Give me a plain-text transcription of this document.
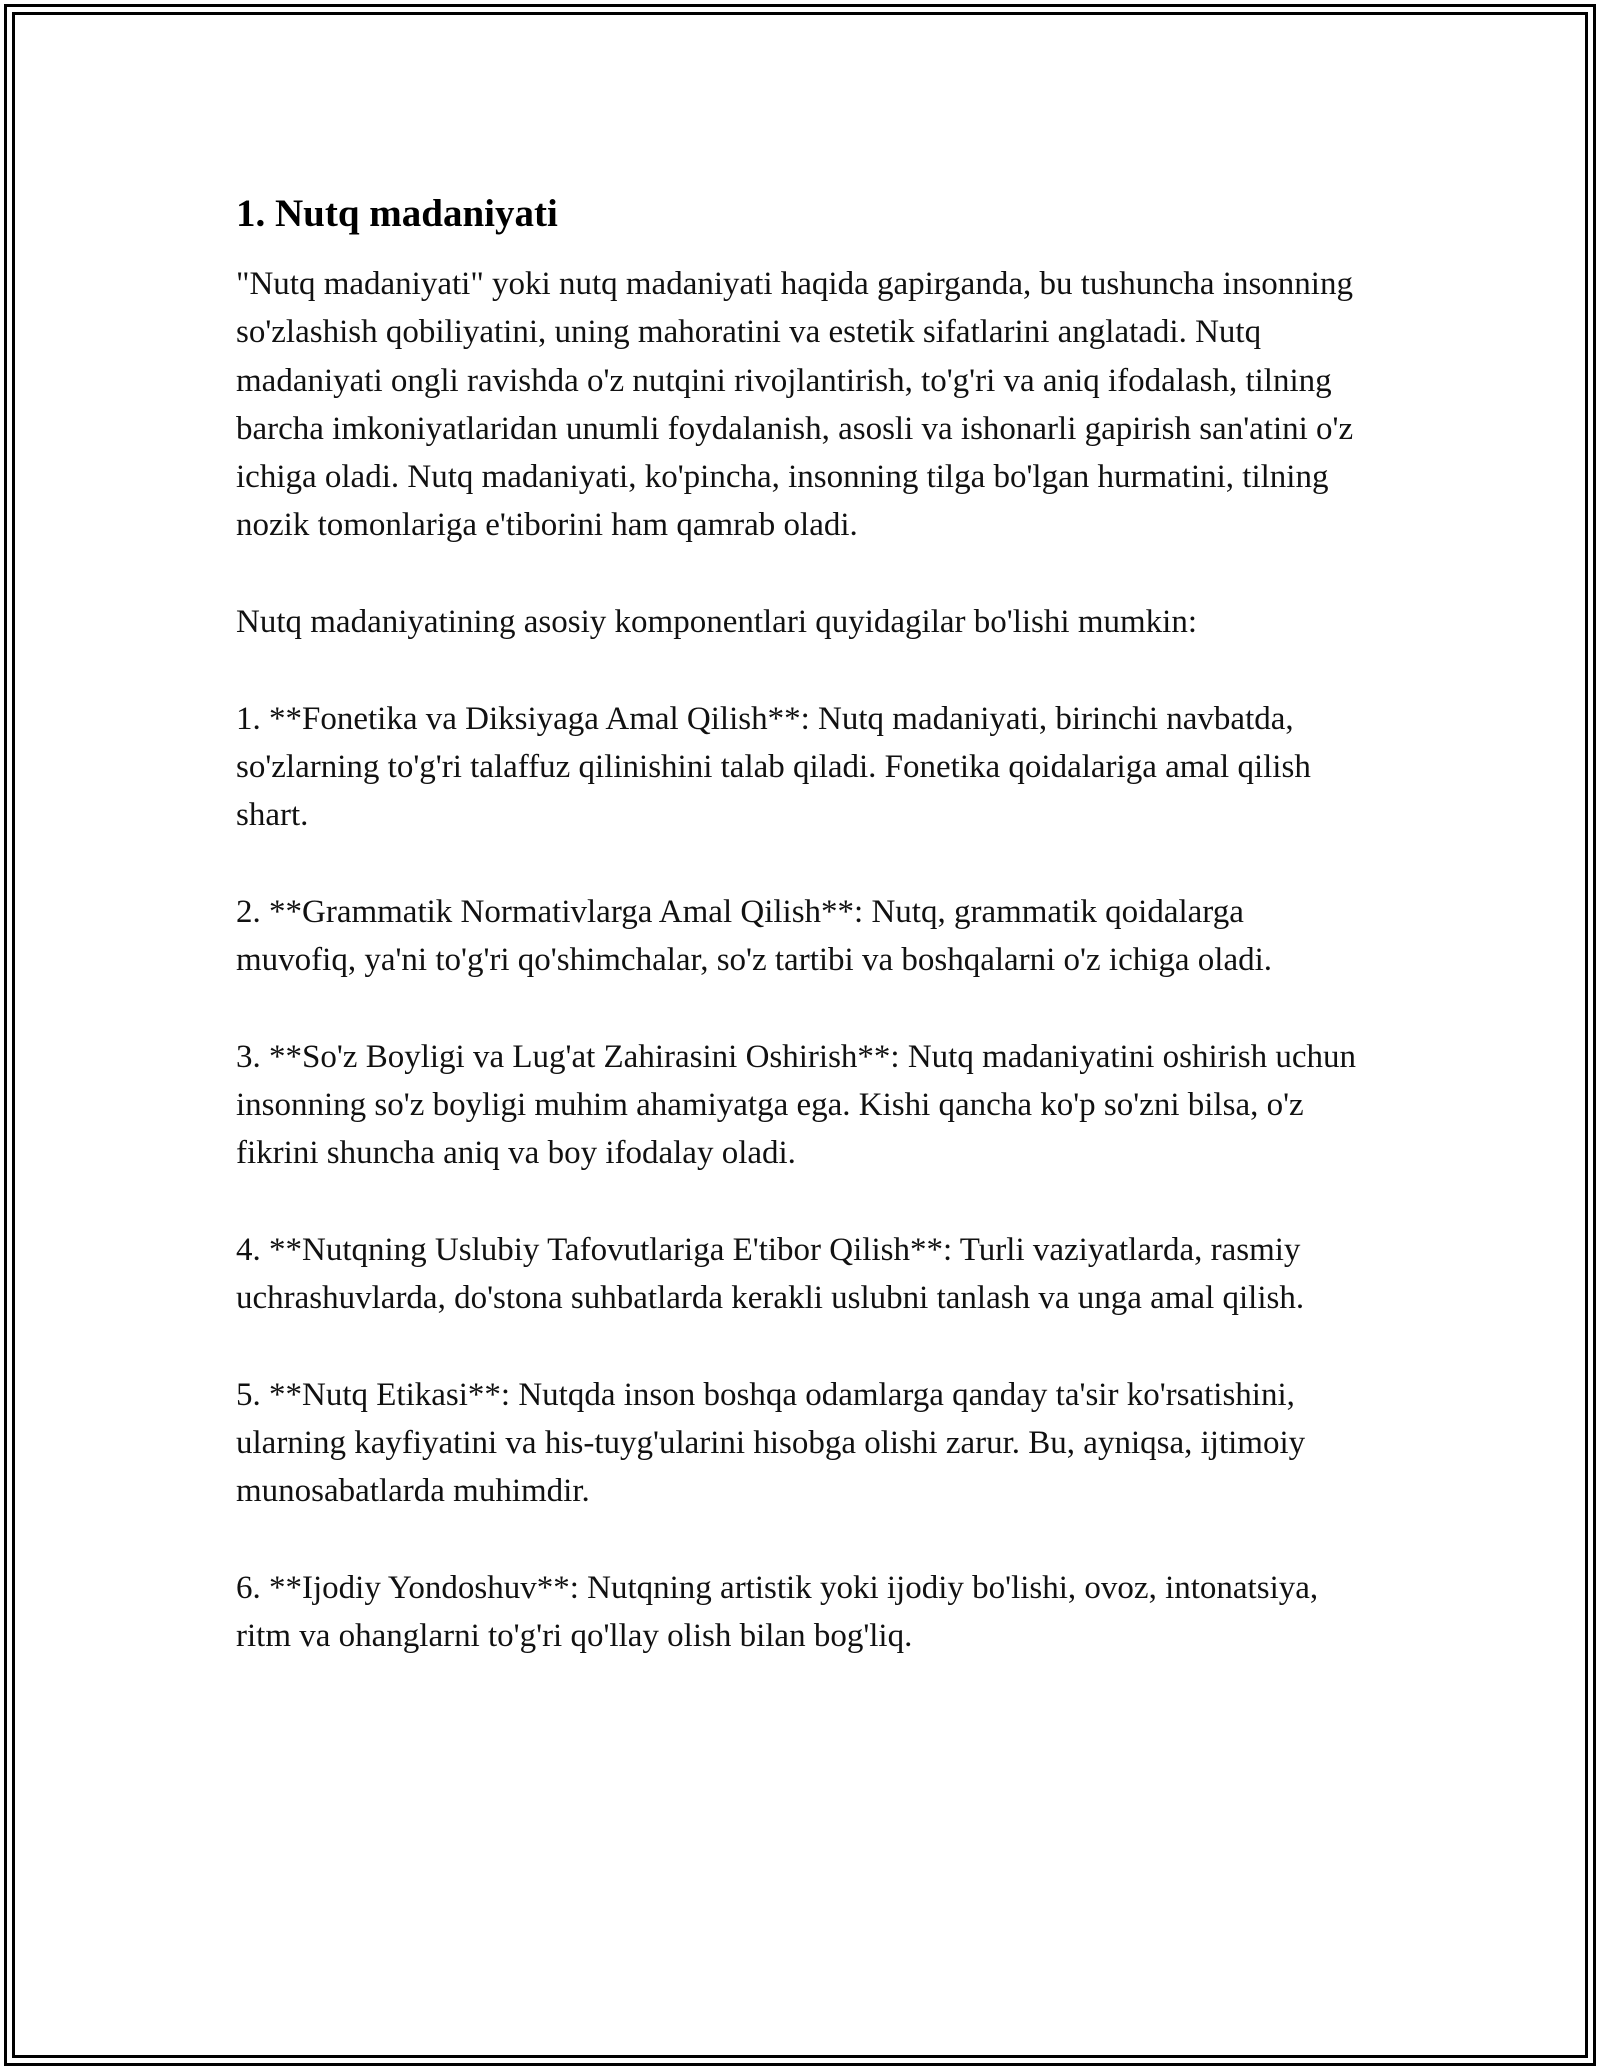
1. Nutq madaniyati

"Nutq madaniyati" yoki nutq madaniyati haqida gapirganda, bu tushuncha insonning so'zlashish qobiliyatini, uning mahoratini va estetik sifatlarini anglatadi. Nutq madaniyati ongli ravishda o'z nutqini rivojlantirish, to'g'ri va aniq ifodalash, tilning barcha imkoniyatlaridan unumli foydalanish, asosli va ishonarli gapirish san'atini o'z ichiga oladi. Nutq madaniyati, ko'pincha, insonning tilga bo'lgan hurmatini, tilning nozik tomonlariga e'tiborini ham qamrab oladi.

Nutq madaniyatining asosiy komponentlari quyidagilar bo'lishi mumkin:

1. **Fonetika va Diksiyaga Amal Qilish**: Nutq madaniyati, birinchi navbatda, so'zlarning to'g'ri talaffuz qilinishini talab qiladi. Fonetika qoidalariga amal qilish shart.

2. **Grammatik Normativlarga Amal Qilish**: Nutq, grammatik qoidalarga muvofiq, ya'ni to'g'ri qo'shimchalar, so'z tartibi va boshqalarni o'z ichiga oladi.

3. **So'z Boyligi va Lug'at Zahirasini Oshirish**: Nutq madaniyatini oshirish uchun insonning so'z boyligi muhim ahamiyatga ega. Kishi qancha ko'p so'zni bilsa, o'z fikrini shuncha aniq va boy ifodalay oladi.

4. **Nutqning Uslubiy Tafovutlariga E'tibor Qilish**: Turli vaziyatlarda, rasmiy uchrashuvlarda, do'stona suhbatlarda kerakli uslubni tanlash va unga amal qilish.

5. **Nutq Etikasi**: Nutqda inson boshqa odamlarga qanday ta'sir ko'rsatishini, ularning kayfiyatini va his-tuyg'ularini hisobga olishi zarur. Bu, ayniqsa, ijtimoiy munosabatlarda muhimdir.

6. **Ijodiy Yondoshuv**: Nutqning artistik yoki ijodiy bo'lishi, ovoz, intonatsiya, ritm va ohanglarni to'g'ri qo'llay olish bilan bog'liq.
